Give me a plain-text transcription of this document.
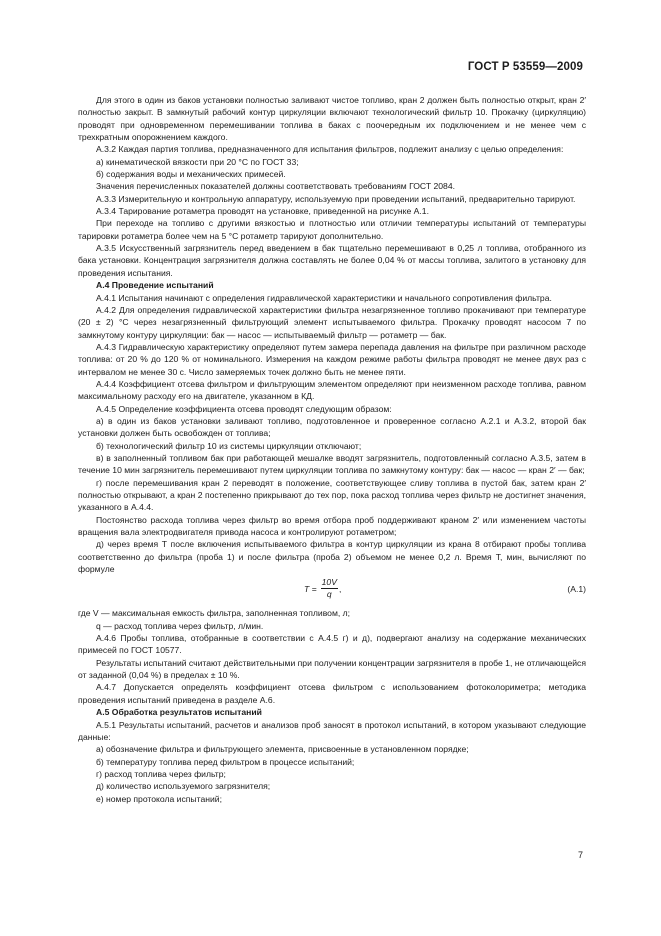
ГОСТ Р 53559—2009

Для этого в один из баков установки полностью заливают чистое топливо, кран 2 должен быть полностью открыт, кран 2′ полностью закрыт. В замкнутый рабочий контур циркуляции включают технологический фильтр 10. Прокачку (циркуляцию) проводят при одновременном перемешивании топлива в баках с поочередным их подключением и не менее чем с трехкратным опорожнением каждого.

А.3.2 Каждая партия топлива, предназначенного для испытания фильтров, подлежит анализу с целью определения:

а) кинематической вязкости при 20 °С по ГОСТ 33;

б) содержания воды и механических примесей.

Значения перечисленных показателей должны соответствовать требованиям ГОСТ 2084.

А.3.3 Измерительную и контрольную аппаратуру, используемую при проведении испытаний, предварительно тарируют.

А.3.4 Тарирование ротаметра проводят на установке, приведенной на рисунке А.1.

При переходе на топливо с другими вязкостью и плотностью или отличии температуры испытаний от температуры тарировки ротаметра более чем на 5 °С ротаметр тарируют дополнительно.

А.3.5 Искусственный загрязнитель перед введением в бак тщательно перемешивают в 0,25 л топлива, отобранного из бака установки. Концентрация загрязнителя должна составлять не более 0,04 % от массы топлива, залитого в установку для проведения испытания.

А.4 Проведение испытаний

А.4.1 Испытания начинают с определения гидравлической характеристики и начального сопротивления фильтра.

А.4.2 Для определения гидравлической характеристики фильтра незагрязненное топливо прокачивают при температуре (20 ± 2) °С через незагрязненный фильтрующий элемент испытываемого фильтра. Прокачку проводят насосом 7 по замкнутому контуру циркуляции: бак — насос — испытываемый фильтр — ротаметр — бак.

А.4.3 Гидравлическую характеристику определяют путем замера перепада давления на фильтре при различном расходе топлива: от 20 % до 120 % от номинального. Измерения на каждом режиме работы фильтра проводят не менее двух раз с интервалом не менее 30 с. Число замеряемых точек должно быть не менее пяти.

А.4.4 Коэффициент отсева фильтром и фильтрующим элементом определяют при неизменном расходе топлива, равном максимальному расходу его на двигателе, указанном в КД.

А.4.5 Определение коэффициента отсева проводят следующим образом:

а) в один из баков установки заливают топливо, подготовленное и проверенное согласно А.2.1 и А.3.2, второй бак установки должен быть освобожден от топлива;

б) технологический фильтр 10 из системы циркуляции отключают;

в) в заполненный топливом бак при работающей мешалке вводят загрязнитель, подготовленный согласно А.3.5, затем в течение 10 мин загрязнитель перемешивают путем циркуляции топлива по замкнутому контуру: бак — насос — кран 2′ — бак;

г) после перемешивания кран 2 переводят в положение, соответствующее сливу топлива в пустой бак, затем кран 2′ полностью открывают, а кран 2 постепенно прикрывают до тех пор, пока расход топлива через фильтр не достигнет значения, указанного в А.4.4.

Постоянство расхода топлива через фильтр во время отбора проб поддерживают краном 2′ или изменением частоты вращения вала электродвигателя привода насоса и контролируют ротаметром;

д) через время Т после включения испытываемого фильтра в контур циркуляции из крана 8 отбирают пробы топлива соответственно до фильтра (проба 1) и после фильтра (проба 2) объемом не менее 0,2 л. Время Т, мин, вычисляют по формуле

$T = \frac{10V}{q}$ ,	(А.1)

где V — максимальная емкость фильтра, заполненная топливом, л;

q — расход топлива через фильтр, л/мин.

А.4.6 Пробы топлива, отобранные в соответствии с А.4.5 г) и д), подвергают анализу на содержание механических примесей по ГОСТ 10577.

Результаты испытаний считают действительными при получении концентрации загрязнителя в пробе 1, не отличающейся от заданной (0,04 %) в пределах ± 10 %.

А.4.7 Допускается определять коэффициент отсева фильтром с использованием фотоколориметра; методика проведения испытаний приведена в разделе А.6.

А.5 Обработка результатов испытаний

А.5.1 Результаты испытаний, расчетов и анализов проб заносят в протокол испытаний, в котором указывают следующие данные:

а) обозначение фильтра и фильтрующего элемента, присвоенные в установленном порядке;

б) температуру топлива перед фильтром в процессе испытаний;

г) расход топлива через фильтр;

д) количество используемого загрязнителя;

е) номер протокола испытаний;

7
